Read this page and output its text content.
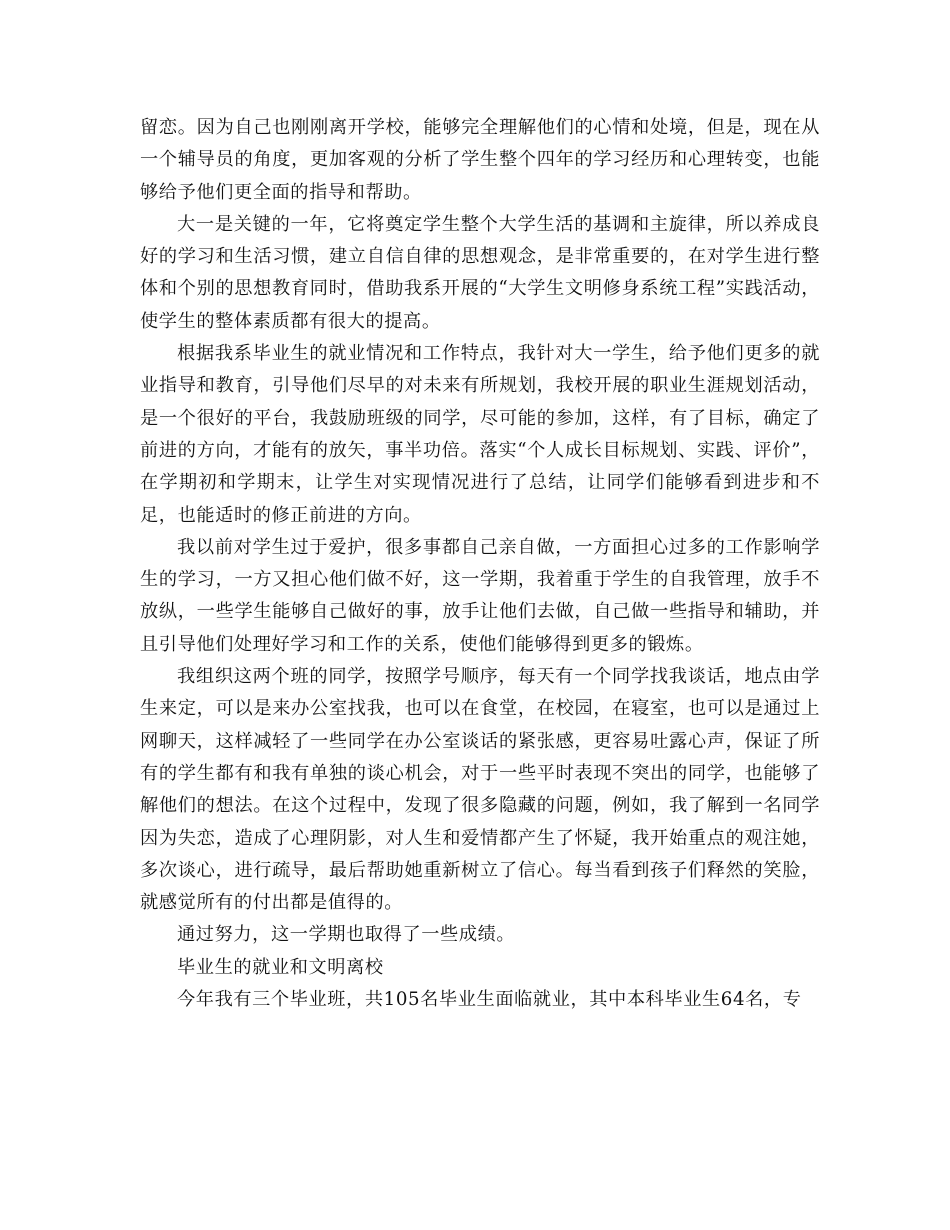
留恋。因为自己也刚刚离开学校，能够完全理解他们的心情和处境，但是，现在从一个辅导员的角度，更加客观的分析了学生整个四年的学习经历和心理转变，也能够给予他们更全面的指导和帮助。

大一是关键的一年，它将奠定学生整个大学生活的基调和主旋律，所以养成良好的学习和生活习惯，建立自信自律的思想观念，是非常重要的，在对学生进行整体和个别的思想教育同时，借助我系开展的“大学生文明修身系统工程”实践活动，使学生的整体素质都有很大的提高。

根据我系毕业生的就业情况和工作特点，我针对大一学生，给予他们更多的就业指导和教育，引导他们尽早的对未来有所规划，我校开展的职业生涯规划活动，是一个很好的平台，我鼓励班级的同学，尽可能的参加，这样，有了目标，确定了前进的方向，才能有的放矢，事半功倍。落实“个人成长目标规划、实践、评价”，在学期初和学期末，让学生对实现情况进行了总结，让同学们能够看到进步和不足，也能适时的修正前进的方向。

我以前对学生过于爱护，很多事都自己亲自做，一方面担心过多的工作影响学生的学习，一方又担心他们做不好，这一学期，我着重于学生的自我管理，放手不放纵，一些学生能够自己做好的事，放手让他们去做，自己做一些指导和辅助，并且引导他们处理好学习和工作的关系，使他们能够得到更多的锻炼。

我组织这两个班的同学，按照学号顺序，每天有一个同学找我谈话，地点由学生来定，可以是来办公室找我，也可以在食堂，在校园，在寝室，也可以是通过上网聊天，这样减轻了一些同学在办公室谈话的紧张感，更容易吐露心声，保证了所有的学生都有和我有单独的谈心机会，对于一些平时表现不突出的同学，也能够了解他们的想法。在这个过程中，发现了很多隐藏的问题，例如，我了解到一名同学因为失恋，造成了心理阴影，对人生和爱情都产生了怀疑，我开始重点的观注她，多次谈心，进行疏导，最后帮助她重新树立了信心。每当看到孩子们释然的笑脸，就感觉所有的付出都是值得的。

通过努力，这一学期也取得了一些成绩。

毕业生的就业和文明离校

今年我有三个毕业班，共105名毕业生面临就业，其中本科毕业生64名，专
